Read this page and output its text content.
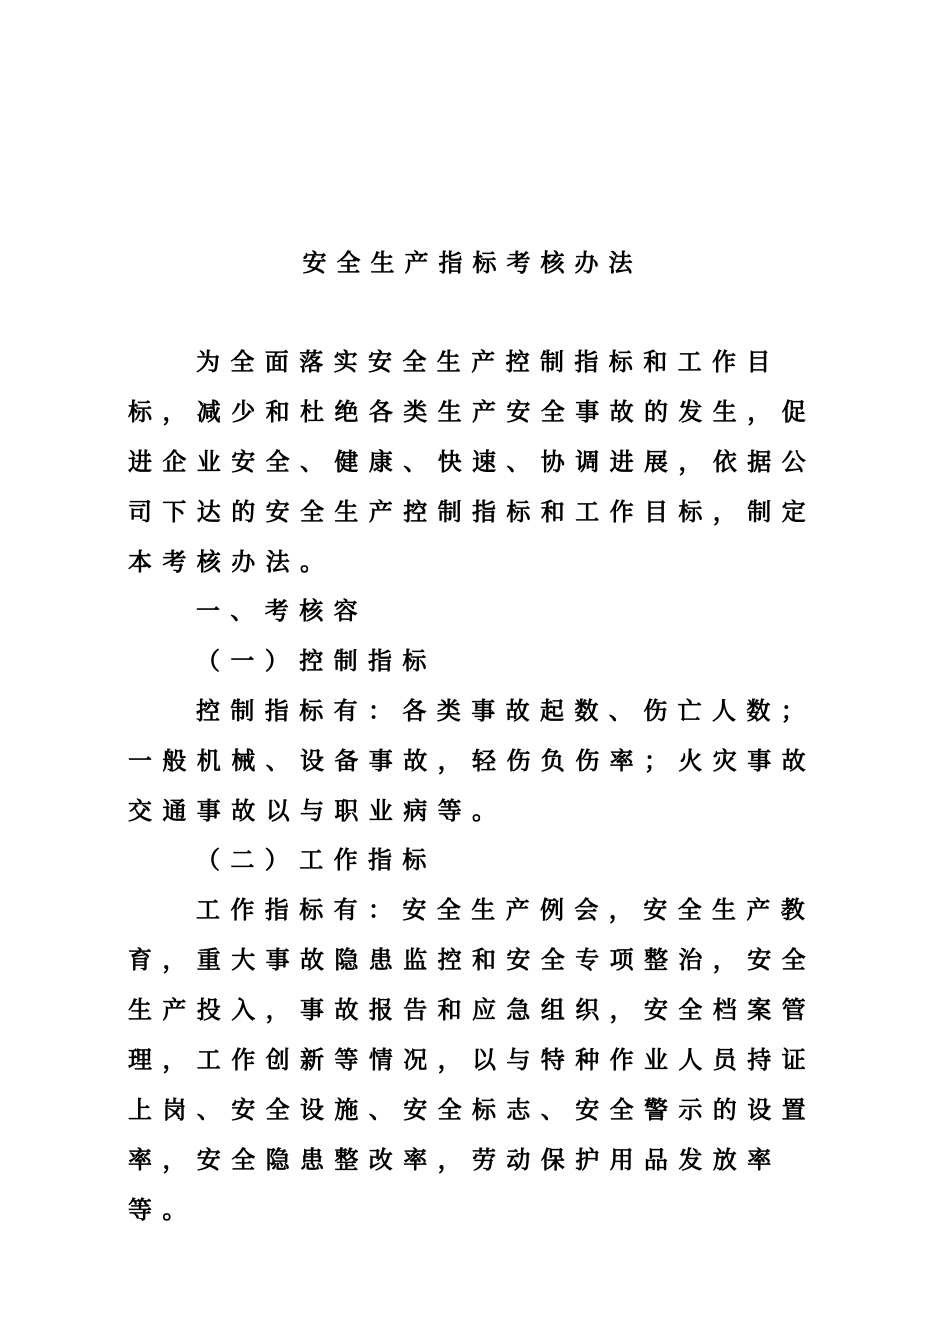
安全生产指标考核办法

为全面落实安全生产控制指标和工作目标，减少和杜绝各类生产安全事故的发生，促进企业安全、健康、快速、协调进展，依据公司下达的安全生产控制指标和工作目标，制定本考核办法。

一、考核容

（一）控制指标

控制指标有：各类事故起数、伤亡人数；一般机械、设备事故，轻伤负伤率；火灾事故交通事故以与职业病等。

（二）工作指标

工作指标有：安全生产例会，安全生产教育，重大事故隐患监控和安全专项整治，安全生产投入，事故报告和应急组织，安全档案管理，工作创新等情况，以与特种作业人员持证上岗、安全设施、安全标志、安全警示的设置率，安全隐患整改率，劳动保护用品发放率等。
